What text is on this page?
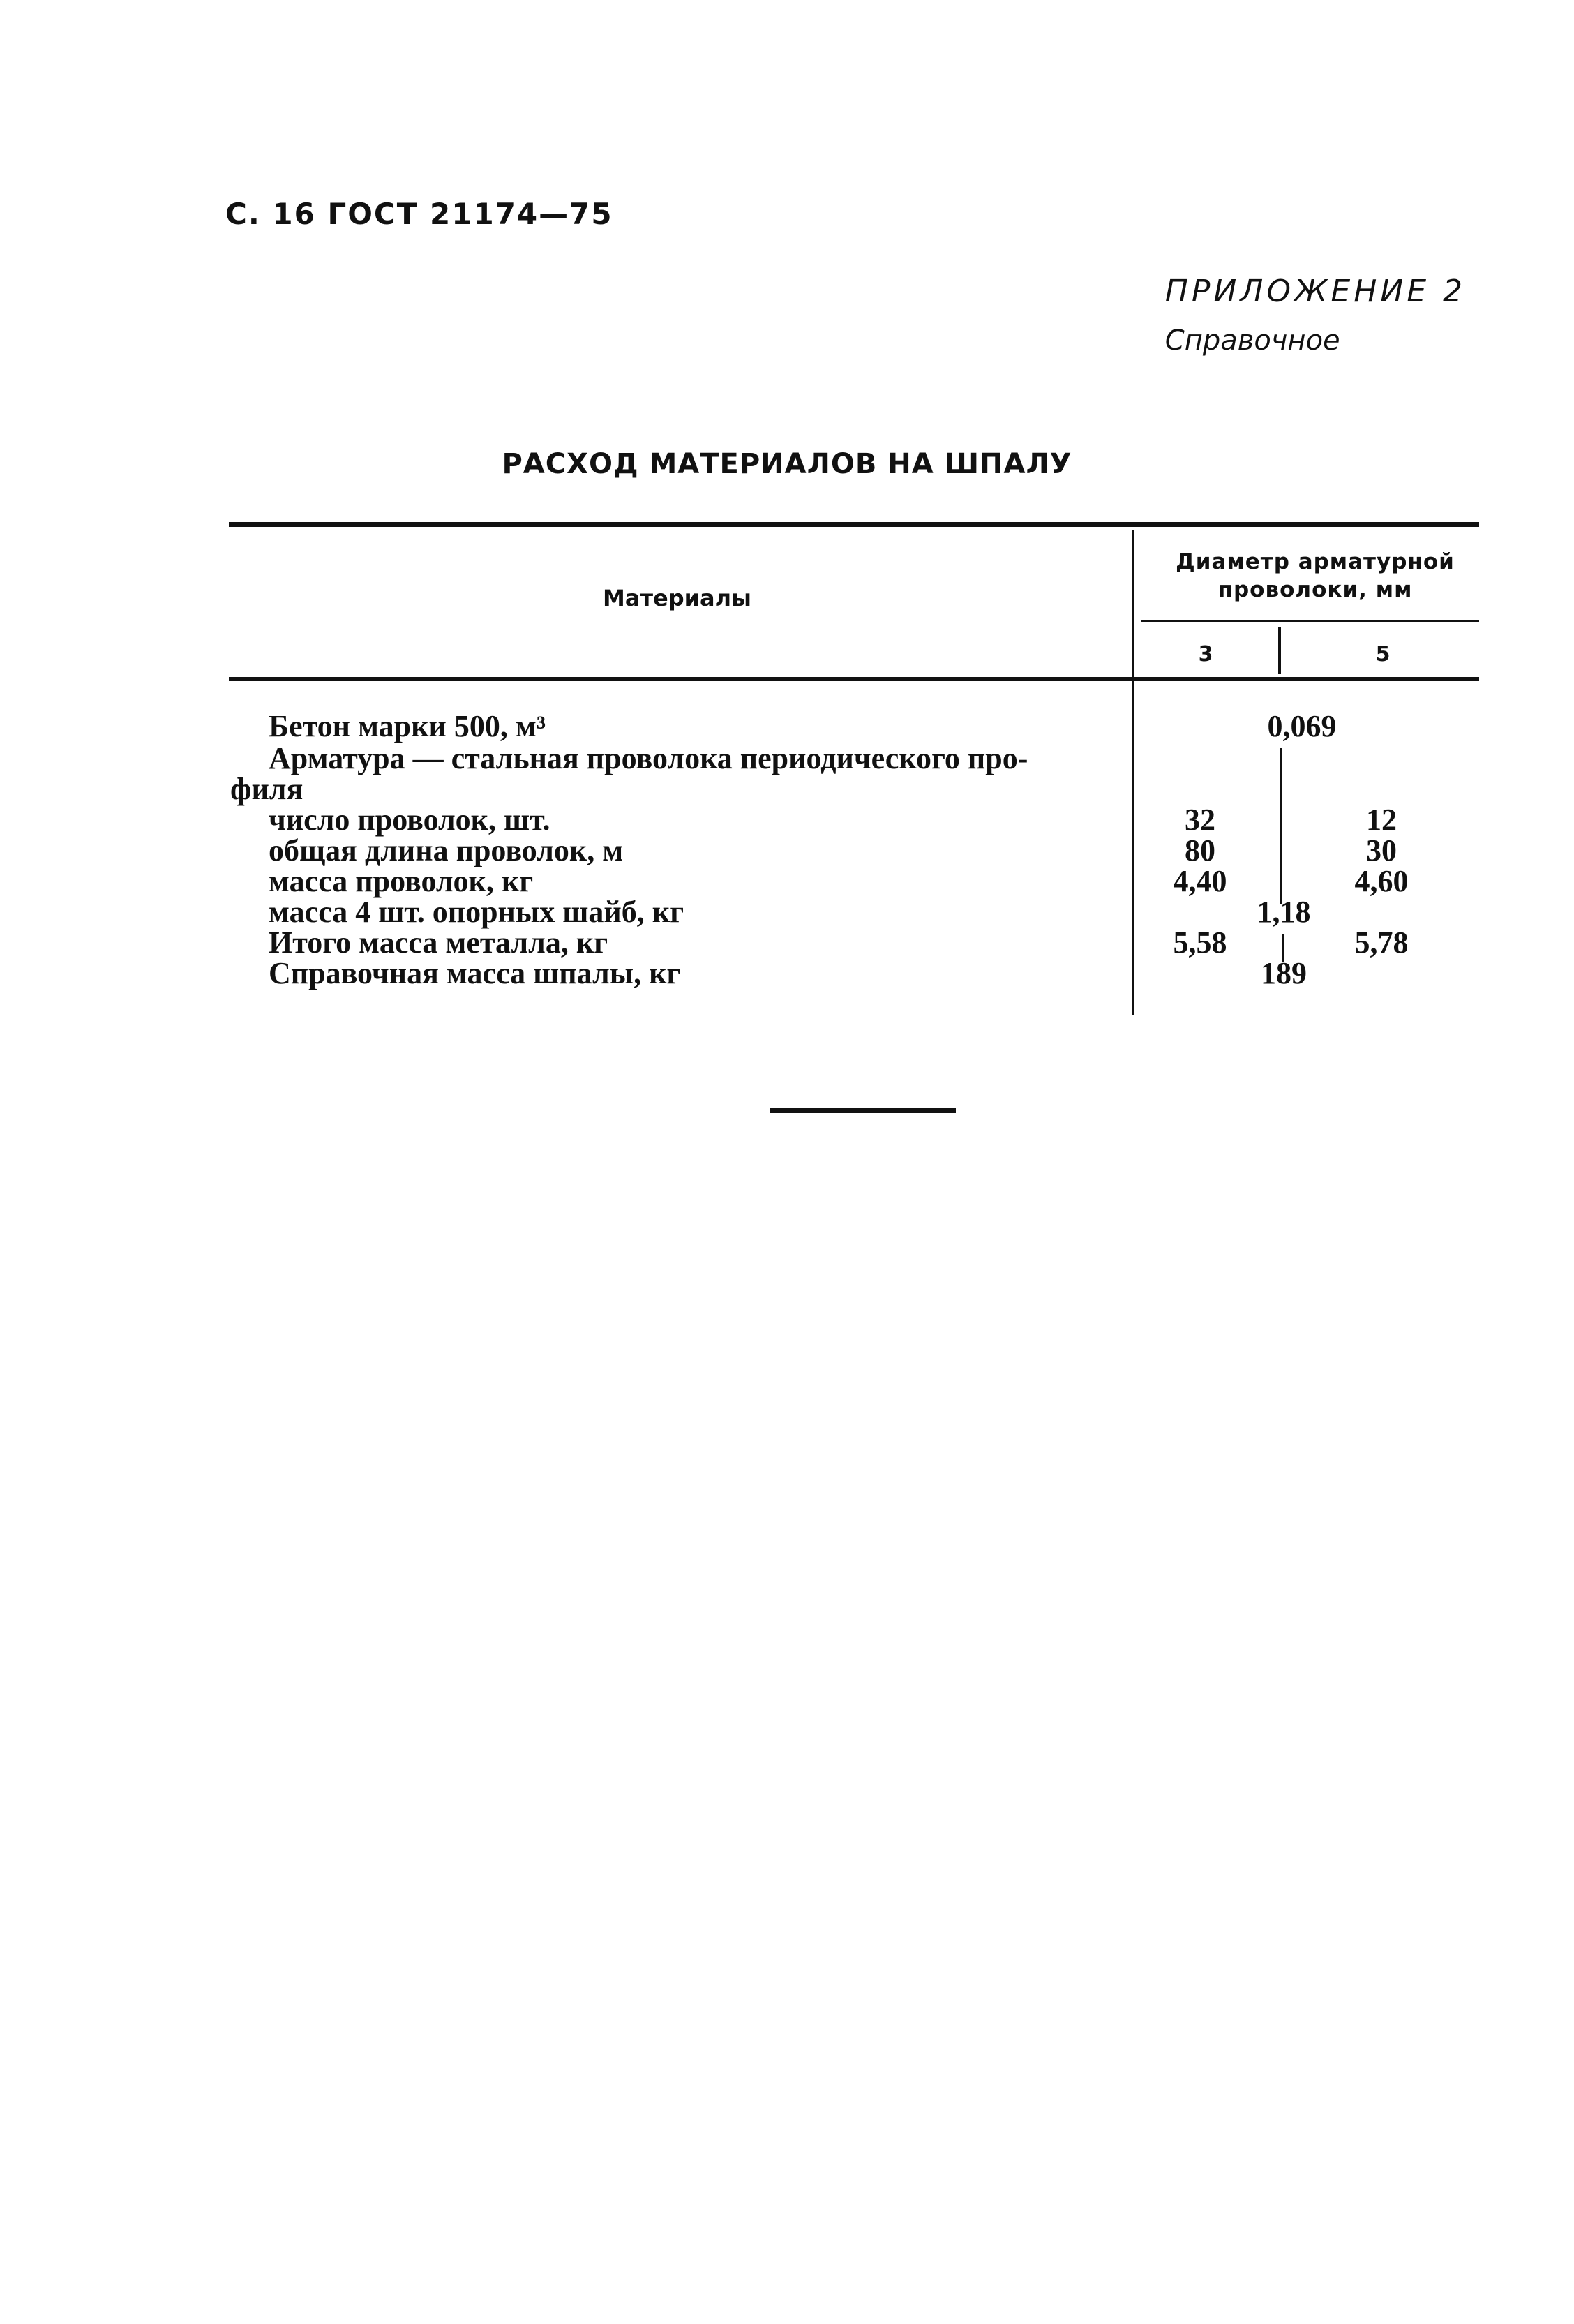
С. 16 ГОСТ 21174—75
ПРИЛОЖЕНИЕ 2
Справочное
РАСХОД МАТЕРИАЛОВ НА ШПАЛУ
Материалы
Диаметр арматурной
проволоки, мм
3	5
Бетон марки 500, м³	0,069
Арматура — стальная проволока периодического про-
филя
число проволок, шт.	32	12
общая длина проволок, м	80	30
масса проволок, кг	4,40	4,60
масса 4 шт. опорных шайб, кг	1,18
Итого масса металла, кг	5,58	5,78
Справочная масса шпалы, кг	189
